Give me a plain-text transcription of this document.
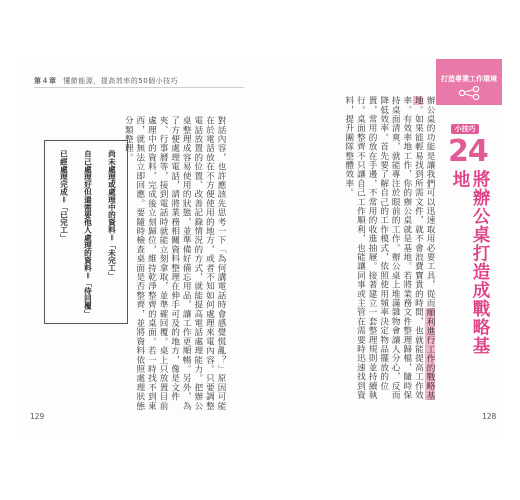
第４章 懂節能源，提高效率的50個小技巧
對話內容，也許應該先思考一下「為何講電話時會感覺慌亂？」原因可能在於電話放在不方便使用的地方，或者不知如何處理來電內容。只要調整電話放置的位置、改善記錄情況的方式，就能提高電話處理能力。把辦公桌整理成容易使用的狀態，並準備好備忘用品，讓工作更順暢。另外，為了方便處理電話，請將業務相關資料整理在伸手可及的地方，像是文件夾、行事曆等，接到電話時就能立刻拿取，並準確回覆。桌上只放置目前處理中的資料，完成後立刻歸位，維持乾淨整齊的桌面。若一時找不到東西，就無法立即回應。要隨時檢查桌面是否整齊，並將資料依照處理狀態分類整理。
尚未處理或處理中的資料＝「未完工」
自己處理好但還需要他人處理的資料＝「待回覆」
已經處理完成＝「已完工」
129
辦公桌的功能是讓我們可以迅速取用必要工具，從而順利進行工作的戰略基地。如果能輕易找到所需文件，就不會浪費寶貴的時間，也就能提高工作效率。有效率地工作，你的辦公桌就是基地。若將業務文件整理歸檔，隨時保持桌面清爽，就能專注於眼前的工作。辦公桌上堆滿雜物會讓人分心，反而降低效率。首先要了解自己的工作模式，依照使用頻率決定物品擺放的位置，常用的放在手邊，不常用的收進抽屜。接著建立一套整理規則並持續執行。桌面整齊不只讓自己工作順利，也能讓同事或主管在需要時迅速找到資料，提升團隊整體效率。
打造專業工作環境
小技巧
24
將辦公桌打造成戰略基地
128
